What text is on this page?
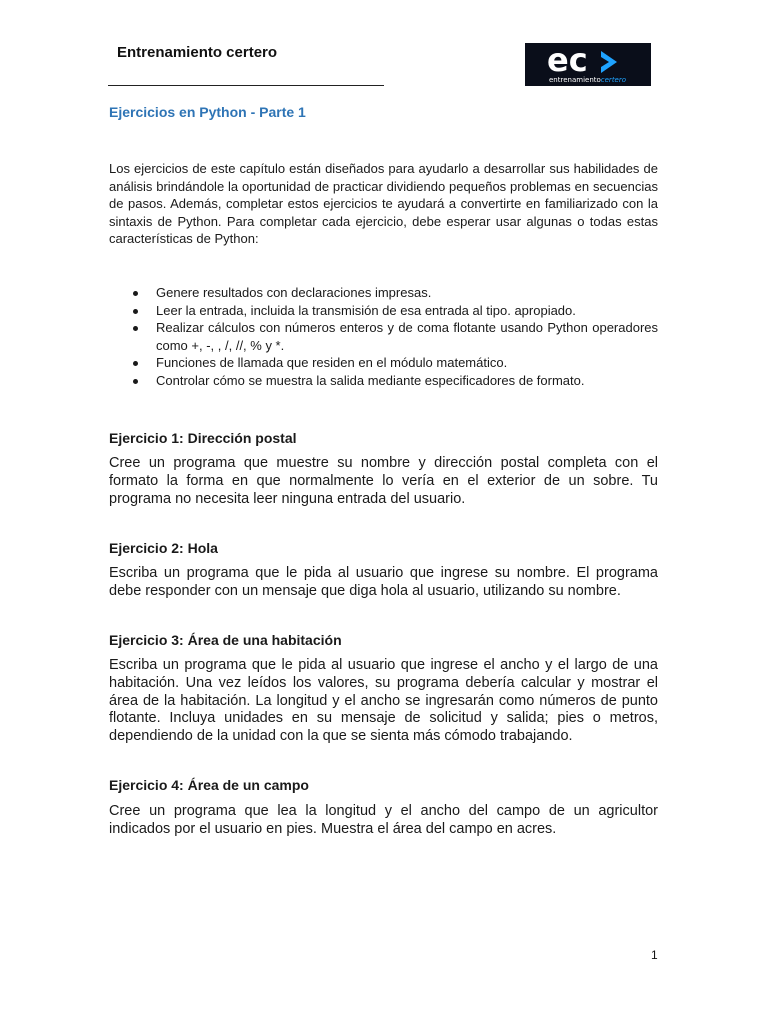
Entrenamiento certero	ec
entrenamientocertero
Ejercicios en Python - Parte 1

Los ejercicios de este capítulo están diseñados para ayudarlo a desarrollar sus habilidades de análisis brindándole la oportunidad de practicar dividiendo pequeños problemas en secuencias de pasos. Además, completar estos ejercicios te ayudará a convertirte en familiarizado con la sintaxis de Python. Para completar cada ejercicio, debe esperar usar algunas o todas estas características de Python:

Genere resultados con declaraciones impresas.
Leer la entrada, incluida la transmisión de esa entrada al tipo. apropiado.
Realizar cálculos con números enteros y de coma flotante usando Python operadores como +, -, , /, //, % y *.
Funciones de llamada que residen en el módulo matemático.
Controlar cómo se muestra la salida mediante especificadores de formato.
Ejercicio 1: Dirección postal

Cree un programa que muestre su nombre y dirección postal completa con el formato la forma en que normalmente lo vería en el exterior de un sobre. Tu programa no necesita leer ninguna entrada del usuario.

Ejercicio 2: Hola

Escriba un programa que le pida al usuario que ingrese su nombre. El programa debe responder con un mensaje que diga hola al usuario, utilizando su nombre.

Ejercicio 3: Área de una habitación

Escriba un programa que le pida al usuario que ingrese el ancho y el largo de una habitación. Una vez leídos los valores, su programa debería calcular y mostrar el área de la habitación. La longitud y el ancho se ingresarán como números de punto flotante. Incluya unidades en su mensaje de solicitud y salida; pies o metros, dependiendo de la unidad con la que se sienta más cómodo trabajando.

Ejercicio 4: Área de un campo

Cree un programa que lea la longitud y el ancho del campo de un agricultor indicados por el usuario en pies. Muestra el área del campo en acres.

1
